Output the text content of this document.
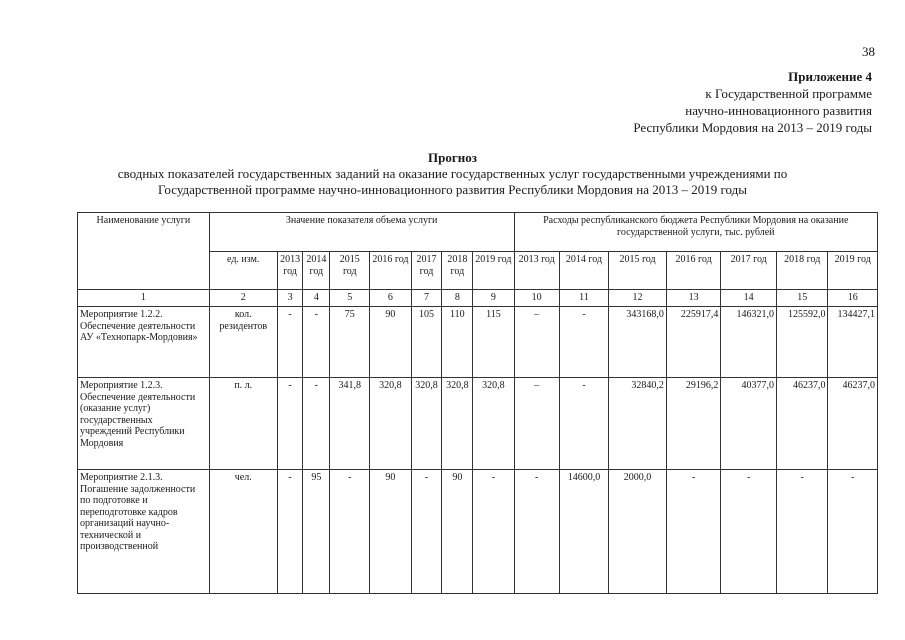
38
Приложение 4
к Государственной программе
научно-инновационного развития
Республики Мордовия на 2013 – 2019 годы
Прогноз
сводных показателей государственных заданий на оказание государственных услуг государственными учреждениями по
Государственной программе научно-инновационного развития Республики Мордовия на 2013 – 2019 годы
Наименование услуги	Значение показателя объема услуги								Расходы республиканского бюджета Республики Мордовия на оказание государственной услуги, тыс. рублей						
	ед. изм.	2013 год	2014 год	2015 год	2016 год	2017 год	2018 год	2019 год	2013 год	2014 год	2015 год	2016 год	2017 год	2018 год	2019 год
1	2	3	4	5	6	7	8	9	10	11	12	13	14	15	16
Мероприятие 1.2.2. Обеспечение деятельности АУ «Технопарк-Мордовия»	кол. резидентов	-	-	75	90	105	110	115	–	-	343168,0	225917,4	146321,0	125592,0	134427,1
Мероприятие 1.2.3. Обеспечение деятельности (оказание услуг) государственных учреждений Республики Мордовия	п. л.	-	-	341,8	320,8	320,8	320,8	320,8	–	-	32840,2	29196,2	40377,0	46237,0	46237,0
Мероприятие 2.1.3. Погашение задолженности по подготовке и переподготовке кадров организаций научно-технической и производственной	чел.	-	95	-	90	-	90	-	-	14600,0	2000,0	-	-	-	-
